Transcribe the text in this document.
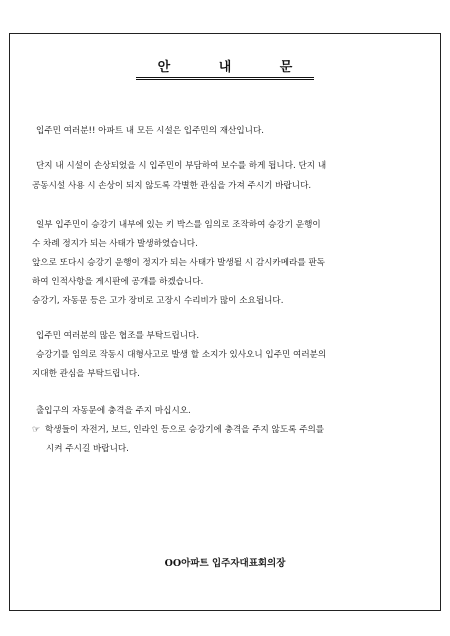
안 내 문
입주민 여러분!! 아파트 내 모든 시설은 입주민의 재산입니다.
단지 내 시설이 손상되었을 시 입주민이 부담하여 보수를 하게 됩니다. 단지 내
공동시설 사용 시 손상이 되지 않도록 각별한 관심을 가져 주시기 바랍니다.
일부 입주민이 승강기 내부에 있는 키 박스를 임의로 조작하여 승강기 운행이
수 차례 정지가 되는 사태가 발생하였습니다.
앞으로 또다시 승강기 운행이 정지가 되는 사태가 발생될 시 감시카메라를 판독
하여 인적사항을 게시판에 공개를 하겠습니다.
승강기, 자동문 등은 고가 장비로 고장시 수리비가 많이 소요됩니다.
입주민 여러분의 많은 협조를 부탁드립니다.
승강기를 임의로 작동시 대형사고로 발생 할 소지가 있사오니 입주민 여러분의
지대한 관심을 부탁드립니다.
출입구의 자동문에 충격을 주지 마십시오.
☞ 학생들이 자전거, 보드, 인라인 등으로 승강기에 충격을 주지 않도록 주의를
시켜 주시길 바랍니다.
OO아파트 입주자대표회의장
